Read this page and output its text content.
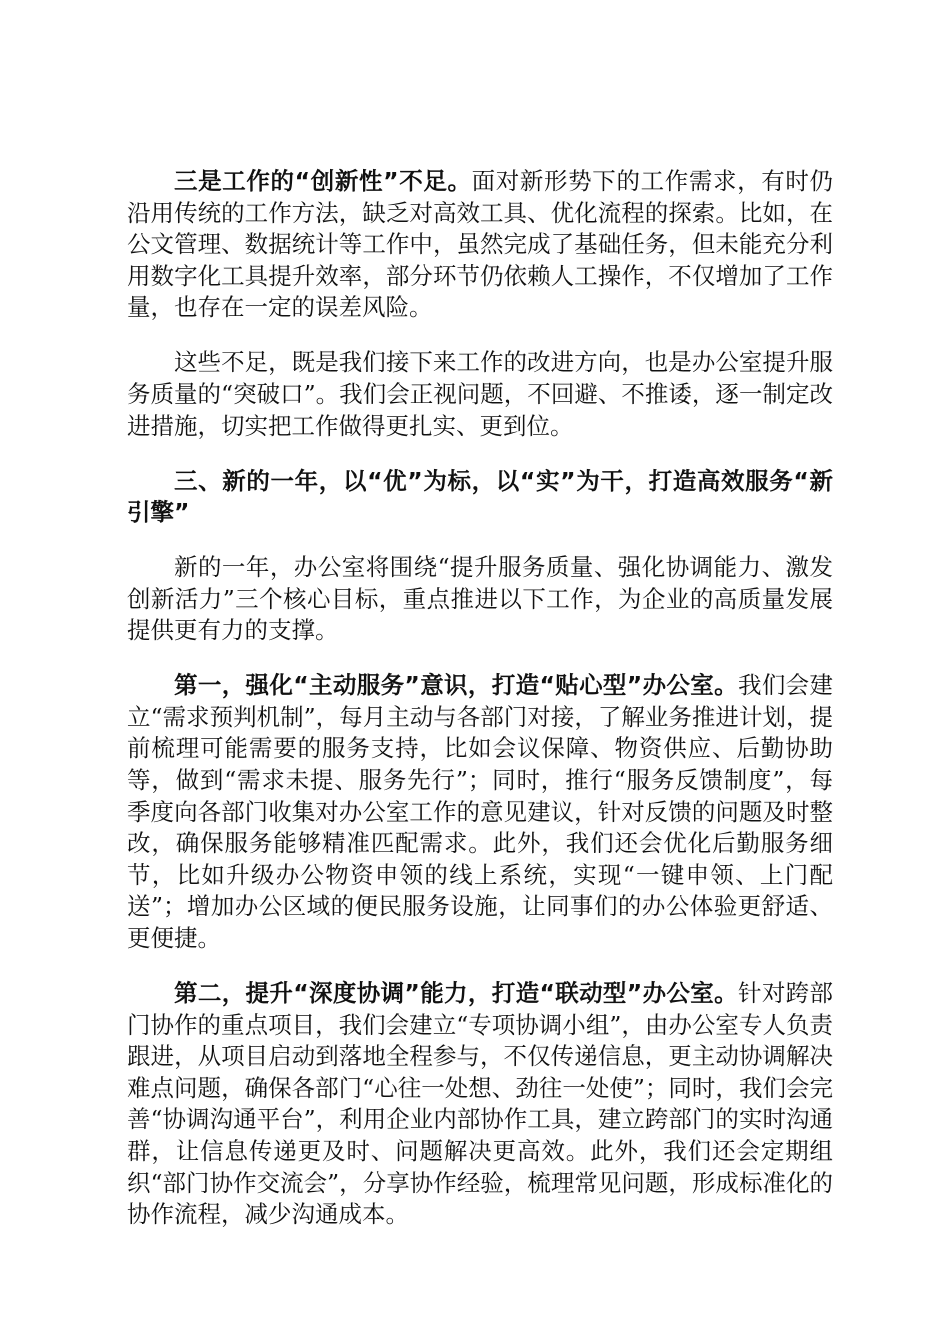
三是工作的“创新性”不足。面对新形势下的工作需求，有时仍沿用传统的工作方法，缺乏对高效工具、优化流程的探索。比如，在公文管理、数据统计等工作中，虽然完成了基础任务，但未能充分利用数字化工具提升效率，部分环节仍依赖人工操作，不仅增加了工作量，也存在一定的误差风险。

这些不足，既是我们接下来工作的改进方向，也是办公室提升服务质量的“突破口”。我们会正视问题，不回避、不推诿，逐一制定改进措施，切实把工作做得更扎实、更到位。

三、新的一年，以“优”为标，以“实”为干，打造高效服务“新引擎”

新的一年，办公室将围绕“提升服务质量、强化协调能力、激发创新活力”三个核心目标，重点推进以下工作，为企业的高质量发展提供更有力的支撑。

第一，强化“主动服务”意识，打造“贴心型”办公室。我们会建立“需求预判机制”，每月主动与各部门对接，了解业务推进计划，提前梳理可能需要的服务支持，比如会议保障、物资供应、后勤协助等，做到“需求未提、服务先行”；同时，推行“服务反馈制度”，每季度向各部门收集对办公室工作的意见建议，针对反馈的问题及时整改，确保服务能够精准匹配需求。此外，我们还会优化后勤服务细节，比如升级办公物资申领的线上系统，实现“一键申领、上门配送”；增加办公区域的便民服务设施，让同事们的办公体验更舒适、更便捷。

第二，提升“深度协调”能力，打造“联动型”办公室。针对跨部门协作的重点项目，我们会建立“专项协调小组”，由办公室专人负责跟进，从项目启动到落地全程参与，不仅传递信息，更主动协调解决难点问题，确保各部门“心往一处想、劲往一处使”；同时，我们会完善“协调沟通平台”，利用企业内部协作工具，建立跨部门的实时沟通群，让信息传递更及时、问题解决更高效。此外，我们还会定期组织“部门协作交流会”，分享协作经验，梳理常见问题，形成标准化的协作流程，减少沟通成本。
